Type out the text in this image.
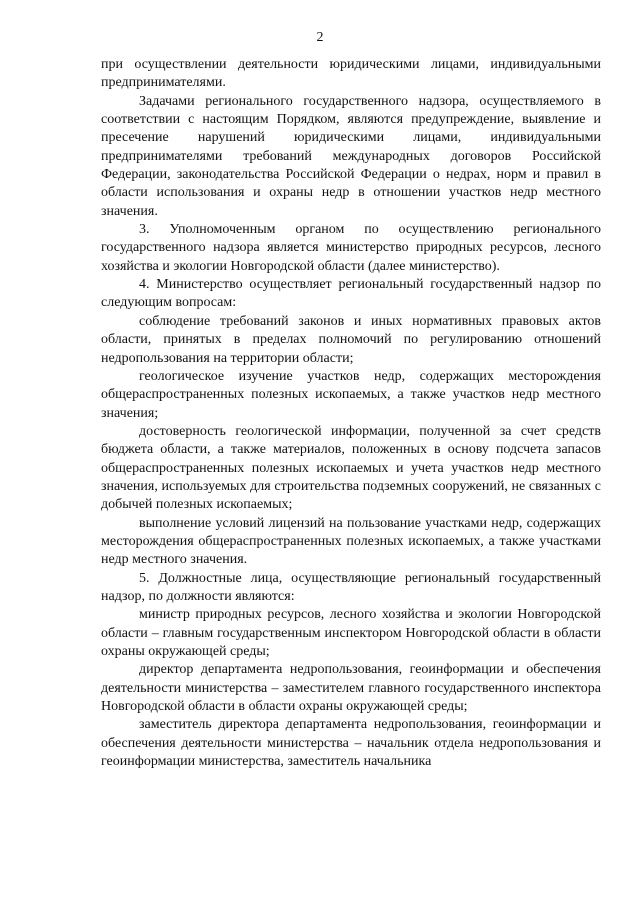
2

при осуществлении деятельности юридическими лицами, индивидуальными предпринимателями.

Задачами регионального государственного надзора, осуществляемого в соответствии с настоящим Порядком, являются предупреждение, выявление и пресечение нарушений юридическими лицами, индивидуальными предпринимателями требований международных договоров Российской Федерации, законодательства Российской Федерации о недрах, норм и правил в области использования и охраны недр в отношении участков недр местного значения.

3. Уполномоченным органом по осуществлению регионального государственного надзора является министерство природных ресурсов, лесного хозяйства и экологии Новгородской области (далее министерство).

4. Министерство осуществляет региональный государственный надзор по следующим вопросам:

соблюдение требований законов и иных нормативных правовых актов области, принятых в пределах полномочий по регулированию отношений недропользования на территории области;

геологическое изучение участков недр, содержащих месторождения общераспространенных полезных ископаемых, а также участков недр местного значения;

достоверность геологической информации, полученной за счет средств бюджета области, а также материалов, положенных в основу подсчета запасов общераспространенных полезных ископаемых и учета участков недр местного значения, используемых для строительства подземных сооружений, не связанных с добычей полезных ископаемых;

выполнение условий лицензий на пользование участками недр, содержащих месторождения общераспространенных полезных ископаемых, а также участками недр местного значения.

5. Должностные лица, осуществляющие региональный государственный надзор, по должности являются:

министр природных ресурсов, лесного хозяйства и экологии Новгородской области – главным государственным инспектором Новгородской области в области охраны окружающей среды;

директор департамента недропользования, геоинформации и обеспечения деятельности министерства – заместителем главного государственного инспектора Новгородской области в области охраны окружающей среды;

заместитель директора департамента недропользования, геоинформации и обеспечения деятельности министерства – начальник отдела недропользования и геоинформации министерства, заместитель начальника
